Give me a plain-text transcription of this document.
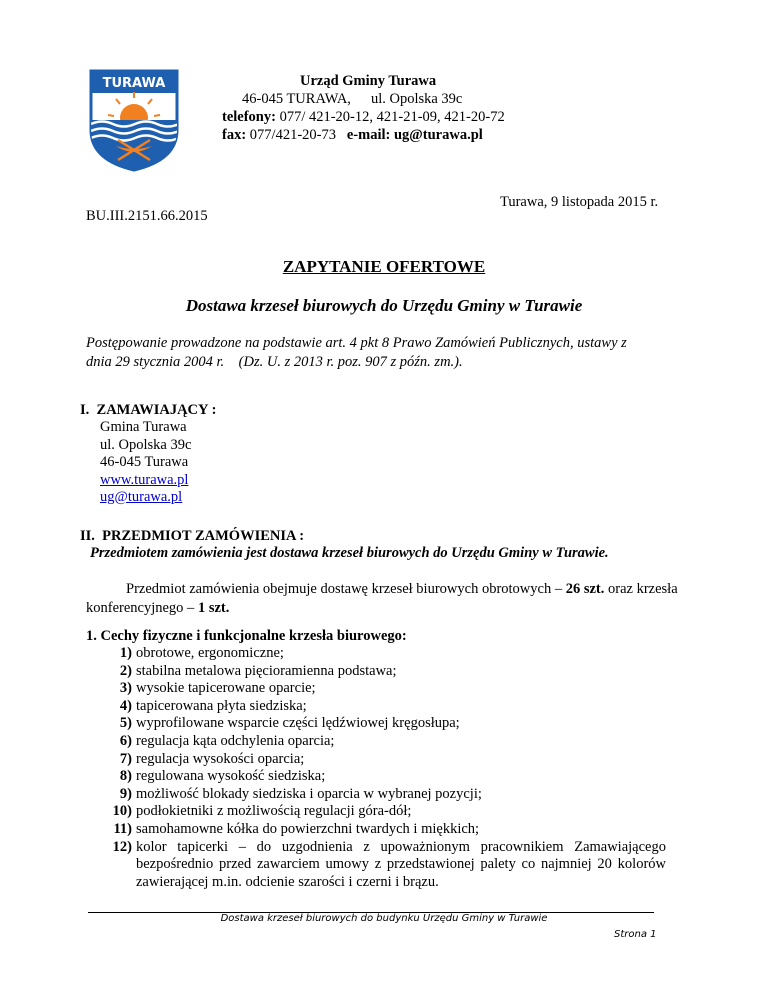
TURAWA	Urząd Gminy Turawa
46-045 TURAWA, ul. Opolska 39c
telefony: 077/ 421-20-12, 421-21-09, 421-20-72
fax: 077/421-20-73 e-mail: ug@turawa.pl
Turawa, 9 listopada 2015 r.
BU.III.2151.66.2015
ZAPYTANIE OFERTOWE
Dostawa krzeseł biurowych do Urzędu Gminy w Turawie
Postępowanie prowadzone na podstawie art. 4 pkt 8 Prawo Zamówień Publicznych, ustawy z
dnia 29 stycznia 2004 r.    (Dz. U. z 2013 r. poz. 907 z późn. zm.).
I. ZAMAWIAJĄCY :
Gmina Turawa
ul. Opolska 39c
46-045 Turawa
www.turawa.pl
ug@turawa.pl
II. PRZEDMIOT ZAMÓWIENIA :
Przedmiotem zamówienia jest dostawa krzeseł biurowych do Urzędu Gminy w Turawie.
Przedmiot zamówienia obejmuje dostawę krzeseł biurowych obrotowych – 26 szt. oraz krzesła konferencyjnego – 1 szt.
1. Cechy fizyczne i funkcjonalne krzesła biurowego:
1) obrotowe, ergonomiczne;
2) stabilna metalowa pięcioramienna podstawa;
3) wysokie tapicerowane oparcie;
4) tapicerowana płyta siedziska;
5) wyprofilowane wsparcie części lędźwiowej kręgosłupa;
6) regulacja kąta odchylenia oparcia;
7) regulacja wysokości oparcia;
8) regulowana wysokość siedziska;
9) możliwość blokady siedziska i oparcia w wybranej pozycji;
10) podłokietniki z możliwością regulacji góra-dół;
11) samohamowne kółka do powierzchni twardych i miękkich;
12) kolor tapicerki – do uzgodnienia z upoważnionym pracownikiem Zamawiającego bezpośrednio przed zawarciem umowy z przedstawionej palety co najmniej 20 kolorów zawierającej m.in. odcienie szarości i czerni i brązu.
Dostawa krzeseł biurowych do budynku Urzędu Gminy w Turawie
Strona 1
